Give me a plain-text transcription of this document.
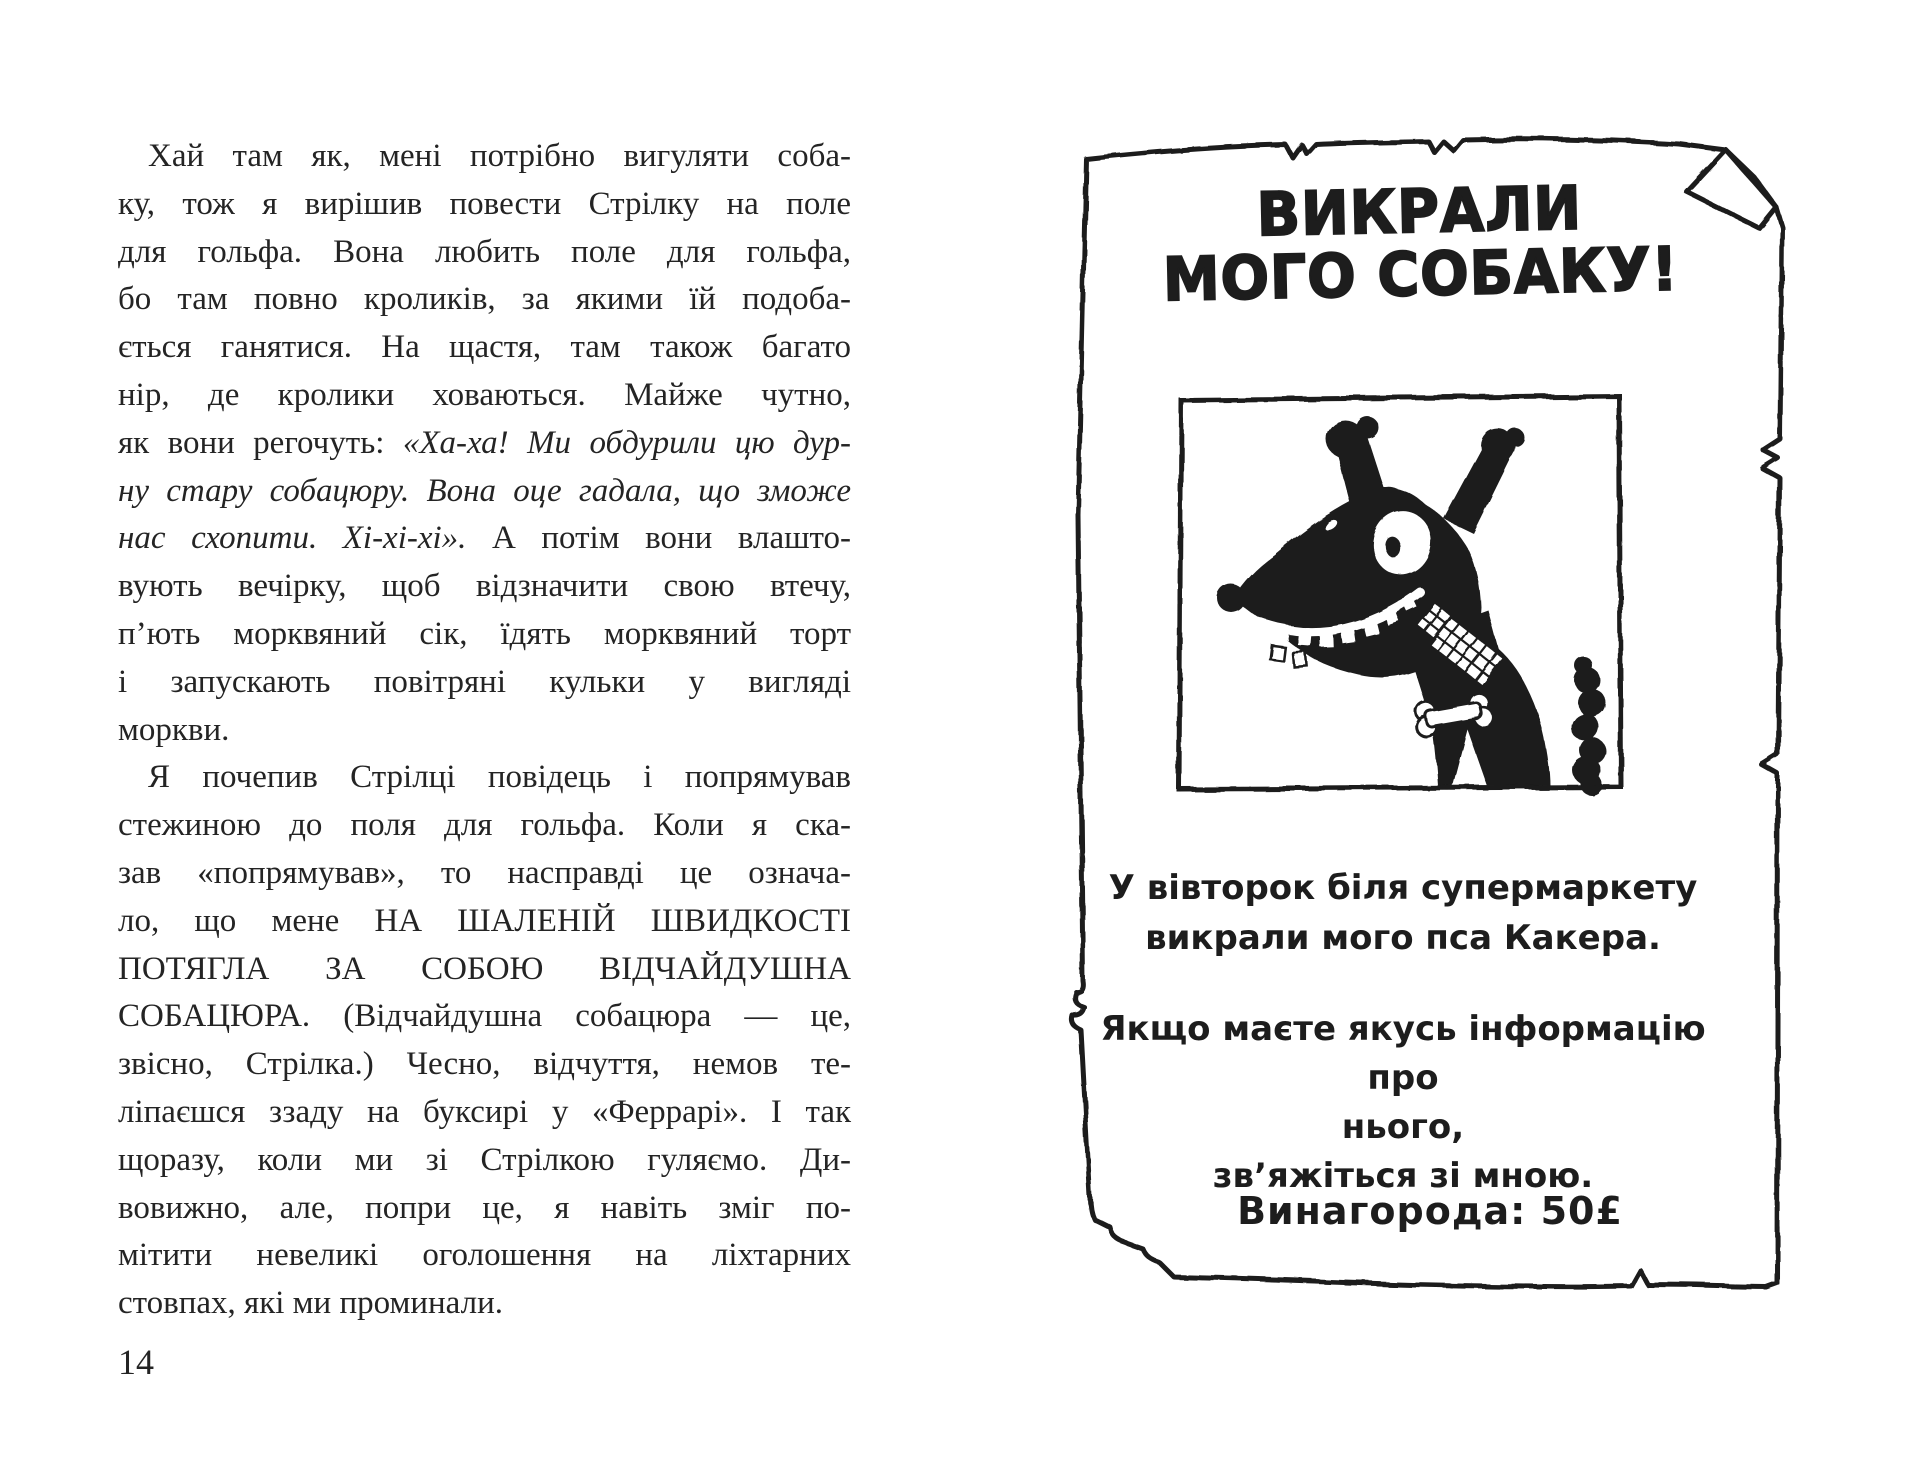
Хай там як, мені потрібно вигуляти соба-
ку, тож я вирішив повести Стрілку на поле
для гольфа. Вона любить поле для гольфа,
бо там повно кроликів, за якими їй подоба-
ється ганятися. На щастя, там також багато
нір, де кролики ховаються. Майже чутно,
як вони регочуть: «Ха-ха! Ми обдурили цю дур-
ну стару собацюру. Вона оце гадала, що зможе
нас схопити. Хі-хі-хі». А потім вони влашто-
вують вечірку, щоб відзначити свою втечу,
п’ють морквяний сік, їдять морквяний торт
і запускають повітряні кульки у вигляді
моркви.
Я почепив Стрілці повідець і попрямував
стежиною до поля для гольфа. Коли я ска-
зав «попрямував», то насправді це означа-
ло, що мене НА ШАЛЕНІЙ ШВИДКОСТІ
ПОТЯГЛА ЗА СОБОЮ ВІДЧАЙДУШНА
СОБАЦЮРА. (Відчайдушна собацюра — це,
звісно, Стрілка.) Чесно, відчуття, немов те-
ліпаєшся ззаду на буксирі у «Феррарі». І так
щоразу, коли ми зі Стрілкою гуляємо. Ди-
вовижно, але, попри це, я навіть зміг по-
мітити невеликі оголошення на ліхтарних
стовпах, які ми проминали.
14
ВИКРАЛИ
МОГО СОБАКУ!
У вівторок біля супермаркету
викрали мого пса Какера.
Якщо маєте якусь інформацію про
нього,
зв’яжіться зі мною.
Винагорода: 50£
